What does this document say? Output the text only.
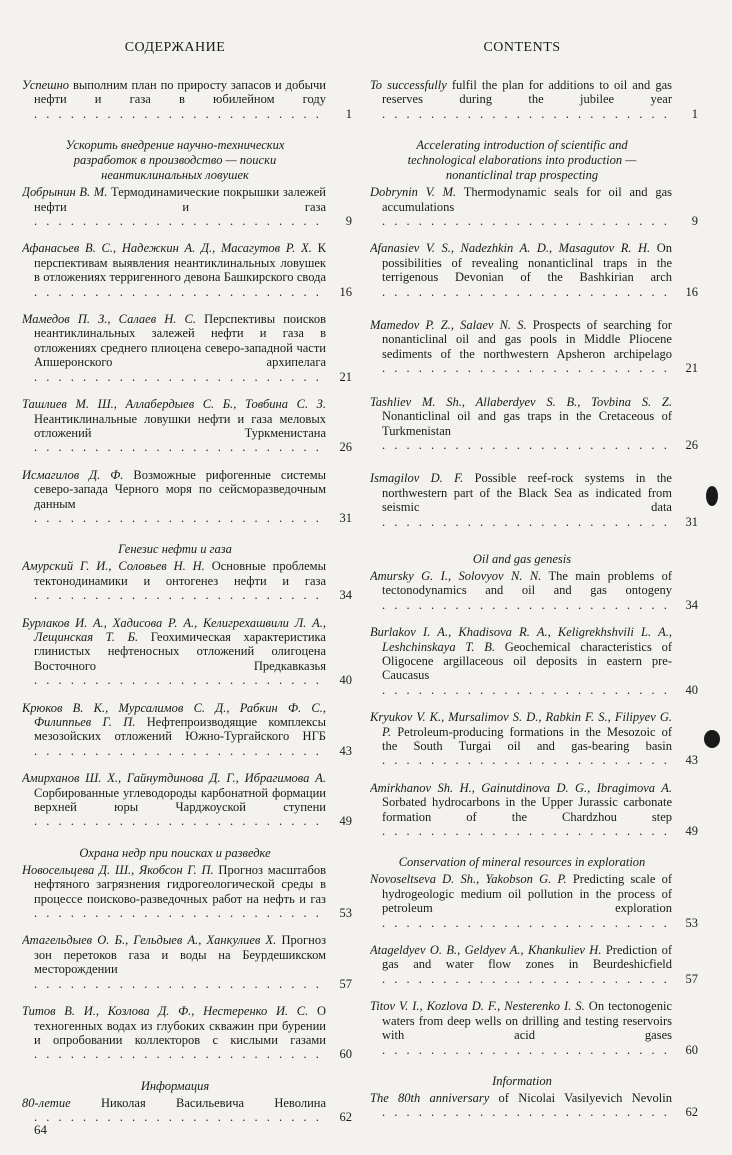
СОДЕРЖАНИЕ
Успешно выполним план по приросту запасов и добычи нефти и газа в юбилейном году . . .
1
Ускорить внедрение научно-технических разработок в производство — поиски неантиклинальных ловушек
Добрынин В. М. Термодинамические покрышки залежей нефти и газа . . .
9
Афанасьев В. С., Надежкин А. Д., Масагутов Р. Х. К перспективам выявления неантиклинальных ловушек в отложениях терригенного девона Башкирского свода . . .
16
Мамедов П. З., Салаев Н. С. Перспективы поисков неантиклинальных залежей нефти и газа в отложениях среднего плиоцена северо-западной части Апшеронского архипелага . . .
21
Ташлиев М. Ш., Аллабердыев С. Б., Товбина С. З. Неантиклинальные ловушки нефти и газа меловых отложений Туркменистана . . .
26
Исмагилов Д. Ф. Возможные рифогенные системы северо-запада Черного моря по сейсморазведочным данным . . .
31
Генезис нефти и газа
Амурский Г. И., Соловьев Н. Н. Основные проблемы тектонодинамики и онтогенез нефти и газа . . .
34
Бурлаков И. А., Хадисова Р. А., Келигрехашвили Л. А., Лещинская Т. Б. Геохимическая характеристика глинистых нефтеносных отложений олигоцена Восточного Предкавказья . . .
40
Крюков В. К., Мурсалимов С. Д., Рабкин Ф. С., Филиппьев Г. П. Нефтепроизводящие комплексы мезозойских отложений Южно-Тургайского НГБ . . .
43
Амирханов Ш. Х., Гайнутдинова Д. Г., Ибрагимова А. Сорбированные углеводороды карбонатной формации верхней юры Чарджоуской ступени . . .
49
Охрана недр при поисках и разведке
Новосельцева Д. Ш., Якобсон Г. П. Прогноз масштабов нефтяного загрязнения гидрогеологической среды в процессе поисково-разведочных работ на нефть и газ . . .
53
Атагельдыев О. Б., Гельдыев А., Ханкулиев Х. Прогноз зон перетоков газа и воды на Беурдешикском месторождении . . .
57
Титов В. И., Козлова Д. Ф., Нестеренко И. С. О техногенных водах из глубоких скважин при бурении и опробовании коллекторов с кислыми газами . . .
60
Информация
80-летие Николая Васильевича Неволина . . .
62
CONTENTS
To successfully fulfil the plan for additions to oil and gas reserves during the jubilee year . . .
1
Accelerating introduction of scientific and technological elaborations into production — nonanticlinal trap prospecting
Dobrynin V. M. Thermodynamic seals for oil and gas accumulations . . .
9
Afanasiev V. S., Nadezhkin A. D., Masagutov R. H. On possibilities of revealing nonanticlinal traps in the terrigenous Devonian of the Bashkirian arch . . .
16
Mamedov P. Z., Salaev N. S. Prospects of searching for nonanticlinal oil and gas pools in Middle Pliocene sediments of the northwestern Apsheron archipelago . . .
21
Tashliev M. Sh., Allaberdyev S. B., Tovbina S. Z. Nonanticlinal oil and gas traps in the Cretaceous of Turkmenistan . . .
26
Ismagilov D. F. Possible reef-rock systems in the northwestern part of the Black Sea as indicated from seismic data . . .
31
Oil and gas genesis
Amursky G. I., Solovyov N. N. The main problems of tectonodynamics and oil and gas ontogeny . . .
34
Burlakov I. A., Khadisova R. A., Keligrekhshvili L. A., Leshchinskaya T. B. Geochemical characteristics of Oligocene argillaceous oil deposits in eastern pre-Caucasus . . .
40
Kryukov V. K., Mursalimov S. D., Rabkin F. S., Filipyev G. P. Petroleum-producing formations in the Mesozoic of the South Turgai oil and gas-bearing basin . . .
43
Amirkhanov Sh. H., Gainutdinova D. G., Ibragimova A. Sorbated hydrocarbons in the Upper Jurassic carbonate formation of the Chardzhou step . . .
49
Conservation of mineral resources in exploration
Novoseltseva D. Sh., Yakobson G. P. Predicting scale of hydrogeologic medium oil pollution in the process of petroleum exploration . . .
53
Atageldyev O. B., Geldyev A., Khankuliev H. Prediction of gas and water flow zones in Beurdeshicfield . . .
57
Titov V. I., Kozlova D. F., Nesterenko I. S. On tectonogenic waters from deep wells on drilling and testing reservoirs with acid gases . . .
60
Information
The 80th anniversary of Nicolai Vasilyevich Nevolin . . .
62
64
